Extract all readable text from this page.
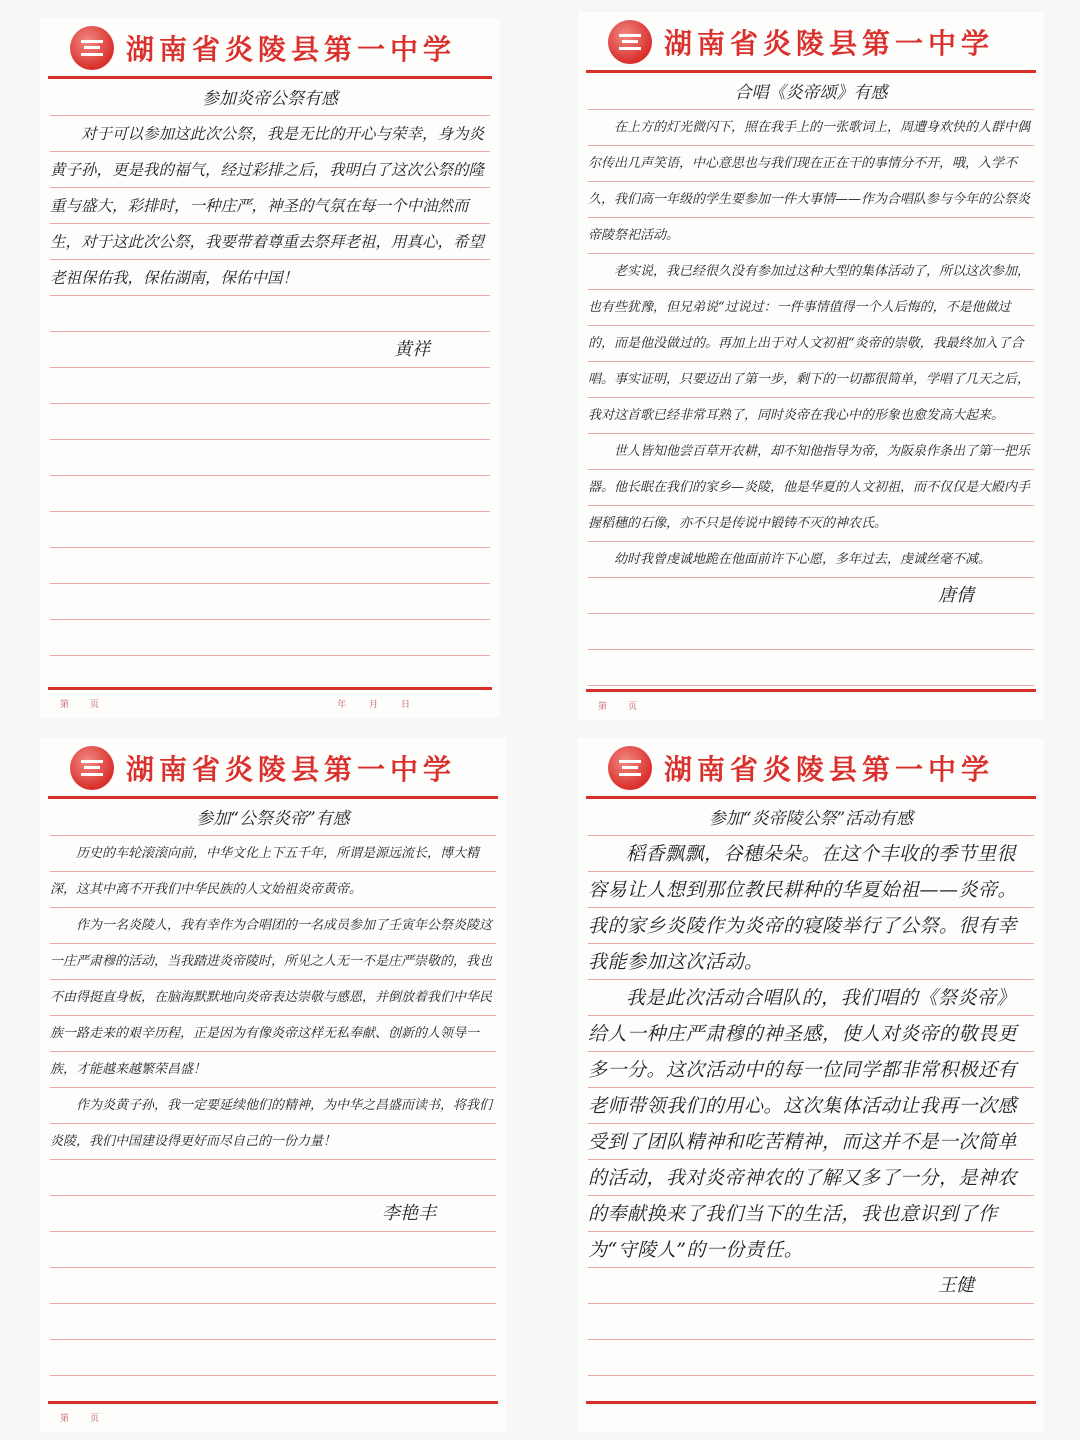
湖南省炎陵县第一中学
参加炎帝公祭有感

对于可以参加这此次公祭，我是无比的开心与荣幸，身为炎黄子孙，更是我的福气，经过彩排之后，我明白了这次公祭的隆重与盛大，彩排时，一种庄严，神圣的气氛在每一个中油然而生，对于这此次公祭，我要带着尊重去祭拜老祖，用真心，希望老祖保佑我，保佑湖南，保佑中国！

黄祥
第　页	年 月 日
湖南省炎陵县第一中学
合唱《炎帝颂》有感

在上方的灯光微闪下，照在我手上的一张歌词上，周遭身欢快的人群中偶尔传出几声笑语，中心意思也与我们现在正在干的事情分不开，哦，入学不久，我们高一年级的学生要参加一件大事情——作为合唱队参与今年的公祭炎帝陵祭祀活动。

老实说，我已经很久没有参加过这种大型的集体活动了，所以这次参加，也有些犹豫，但兄弟说“过说过：一件事情值得一个人后悔的，不是他做过的，而是他没做过的。再加上出于对人文初祖“炎帝的崇敬，我最终加入了合唱。事实证明，只要迈出了第一步，剩下的一切都很简单，学唱了几天之后，我对这首歌已经非常耳熟了，同时炎帝在我心中的形象也愈发高大起来。

世人皆知他尝百草开农耕，却不知他指导为帝，为阪泉作条出了第一把乐器。他长眠在我们的家乡—炎陵，他是华夏的人文初祖，而不仅仅是大殿内手握稻穗的石像，亦不只是传说中锻铸不灭的神农氏。

幼时我曾虔诚地跪在他面前许下心愿，多年过去，虔诚丝毫不减。

唐倩
第　页
湖南省炎陵县第一中学
参加“公祭炎帝”有感

历史的车轮滚滚向前，中华文化上下五千年，所谓是源远流长，博大精深，这其中离不开我们中华民族的人文始祖炎帝黄帝。

作为一名炎陵人，我有幸作为合唱团的一名成员参加了壬寅年公祭炎陵这一庄严肃穆的活动，当我踏进炎帝陵时，所见之人无一不是庄严崇敬的，我也不由得挺直身板，在脑海默默地向炎帝表达崇敬与感恩，并倒放着我们中华民族一路走来的艰辛历程，正是因为有像炎帝这样无私奉献、创新的人领导一族，才能越来越繁荣昌盛！

作为炎黄子孙，我一定要延续他们的精神，为中华之昌盛而读书，将我们炎陵，我们中国建设得更好而尽自己的一份力量！

李艳丰
第　页
湖南省炎陵县第一中学
参加“炎帝陵公祭”活动有感

稻香飘飘，谷穗朵朵。在这个丰收的季节里很容易让人想到那位教民耕种的华夏始祖——炎帝。我的家乡炎陵作为炎帝的寝陵举行了公祭。很有幸我能参加这次活动。

我是此次活动合唱队的，我们唱的《祭炎帝》给人一种庄严肃穆的神圣感，使人对炎帝的敬畏更多一分。这次活动中的每一位同学都非常积极还有老师带领我们的用心。这次集体活动让我再一次感受到了团队精神和吃苦精神，而这并不是一次简单的活动，我对炎帝神农的了解又多了一分，是神农的奉献换来了我们当下的生活，我也意识到了作为“守陵人”的一份责任。

王健
